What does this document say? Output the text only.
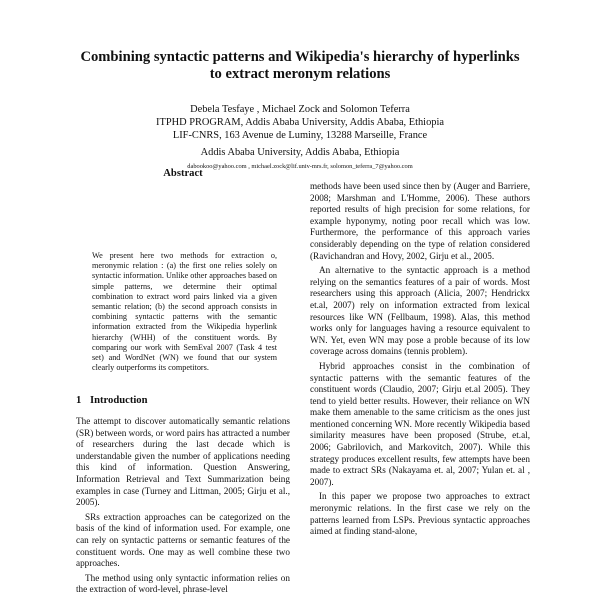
Combining syntactic patterns and Wikipedia's hierarchy of hyperlinks
to extract meronym relations
Debela Tesfaye , Michael Zock and Solomon Teferra
ITPHD PROGRAM, Addis Ababa University, Addis Ababa, Ethiopia
LIF-CNRS, 163 Avenue de Luminy, 13288 Marseille, France
Addis Ababa University, Addis Ababa, Ethiopia
dabookoo@yahoo.com , michael.zock@lif.univ-mrs.fr, solomon_teferra_7@yahoo.com
Abstract
We present here two methods for extraction o, meronymic relation : (a) the first one relies solely on syntactic information. Unlike other approaches based on simple patterns, we determine their optimal combination to extract word pairs linked via a given semantic relation; (b) the second approach consists in combining syntactic patterns with the semantic information extracted from the Wikipedia hyperlink hierarchy (WHH) of the constituent words. By comparing our work with SemEval 2007 (Task 4 test set) and WordNet (WN) we found that our system clearly outperforms its competitors.
1 Introduction

The attempt to discover automatically semantic relations (SR) between words, or word pairs has attracted a number of researchers during the last decade which is understandable given the number of applications needing this kind of information. Question Answering, Information Retrieval and Text Summarization being examples in case (Turney and Littman, 2005; Girju et al., 2005).

SRs extraction approaches can be categorized on the basis of the kind of information used. For example, one can rely on syntactic patterns or semantic features of the constituent words. One may as well combine these two approaches.

The method using only syntactic information relies on the extraction of word-level, phrase-level

methods have been used since then by (Auger and Barriere, 2008; Marshman and L'Homme, 2006). These authors reported results of high precision for some relations, for example hyponymy, noting poor recall which was low. Furthermore, the performance of this approach varies considerably depending on the type of relation considered (Ravichandran and Hovy, 2002, Girju et al., 2005.

An alternative to the syntactic approach is a method relying on the semantics features of a pair of words. Most researchers using this approach (Alicia, 2007; Hendrickx et.al, 2007) rely on information extracted from lexical resources like WN (Fellbaum, 1998). Alas, this method works only for languages having a resource equivalent to WN. Yet, even WN may pose a proble because of its low coverage across domains (tennis problem).

Hybrid approaches consist in the combination of syntactic patterns with the semantic features of the constituent words (Claudio, 2007; Girju et.al 2005). They tend to yield better results. However, their reliance on WN make them amenable to the same criticism as the ones just mentioned concerning WN. More recently Wikipedia based similarity measures have been proposed (Strube, et.al, 2006; Gabrilovich, and Markovitch, 2007). While this strategy produces excellent results, few attempts have been made to extract SRs (Nakayama et. al, 2007; Yulan et. al , 2007).

In this paper we propose two approaches to extract meronymic relations. In the first case we rely on the patterns learned from LSPs. Previous syntactic approaches aimed at finding stand-alone,
